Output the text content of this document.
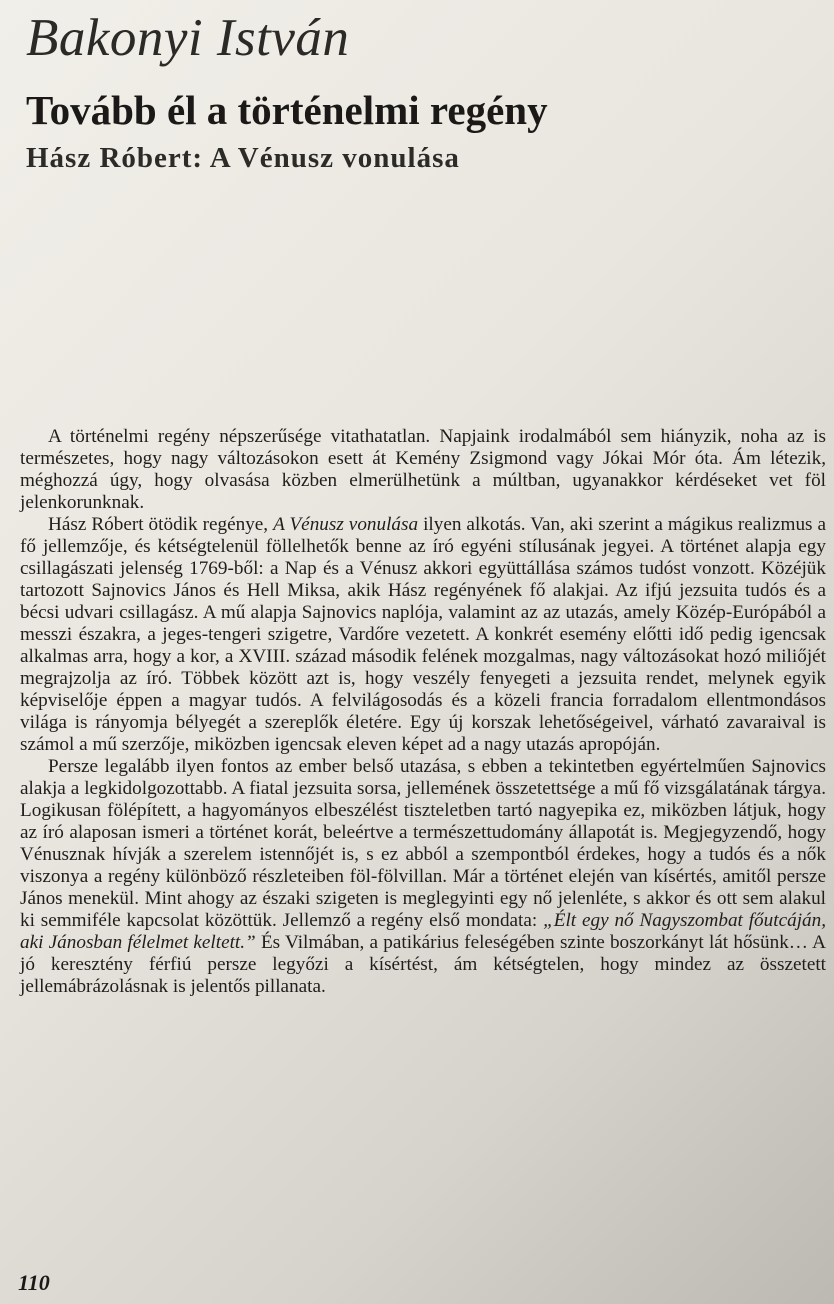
Bakonyi István
Tovább él a történelmi regény
Hász Róbert: A Vénusz vonulása

A történelmi regény népszerűsége vitathatatlan. Napjaink irodalmából sem hiányzik, noha az is természetes, hogy nagy változásokon esett át Kemény Zsigmond vagy Jókai Mór óta. Ám létezik, méghozzá úgy, hogy olvasása közben elmerülhetünk a múltban, ugyanakkor kérdéseket vet föl jelenkorunknak.

Hász Róbert ötödik regénye, A Vénusz vonulása ilyen alkotás. Van, aki szerint a mágikus realizmus a fő jellemzője, és kétségtelenül föllelhetők benne az író egyéni stílusának jegyei. A történet alapja egy csillagászati jelenség 1769-ből: a Nap és a Vénusz akkori együttállása számos tudóst vonzott. Közéjük tartozott Sajnovics János és Hell Miksa, akik Hász regényének fő alakjai. Az ifjú jezsuita tudós és a bécsi udvari csillagász. A mű alapja Sajnovics naplója, valamint az az utazás, amely Közép-Európából a messzi északra, a jeges-tengeri szigetre, Vardőre vezetett. A konkrét esemény előtti idő pedig igencsak alkalmas arra, hogy a kor, a XVIII. század második felének mozgalmas, nagy változásokat hozó miliőjét megrajzolja az író. Többek között azt is, hogy veszély fenyegeti a jezsuita rendet, melynek egyik képviselője éppen a magyar tudós. A felvilágosodás és a közeli francia forradalom ellentmondásos világa is rányomja bélyegét a szereplők életére. Egy új korszak lehetőségeivel, várható zavaraival is számol a mű szerzője, miközben igencsak eleven képet ad a nagy utazás apropóján.

Persze legalább ilyen fontos az ember belső utazása, s ebben a tekintetben egyértelműen Sajnovics alakja a legkidolgozottabb. A fiatal jezsuita sorsa, jellemének összetettsége a mű fő vizsgálatának tárgya. Logikusan fölépített, a hagyományos elbeszélést tiszteletben tartó nagyepika ez, miközben látjuk, hogy az író alaposan ismeri a történet korát, beleértve a természettudomány állapotát is. Megjegyzendő, hogy Vénusznak hívják a szerelem istennőjét is, s ez abból a szempontból érdekes, hogy a tudós és a nők viszonya a regény különböző részleteiben föl-fölvillan. Már a történet elején van kísértés, amitől persze János menekül. Mint ahogy az északi szigeten is meglegyinti egy nő jelenléte, s akkor és ott sem alakul ki semmiféle kapcsolat közöttük. Jellemző a regény első mondata: „Élt egy nő Nagyszombat főutcáján, aki Jánosban félelmet keltett.” És Vilmában, a patikárius feleségében szinte boszorkányt lát hősünk… A jó keresztény férfiú persze legyőzi a kísértést, ám kétségtelen, hogy mindez az összetett jellemábrázolásnak is jelentős pillanata.

110
